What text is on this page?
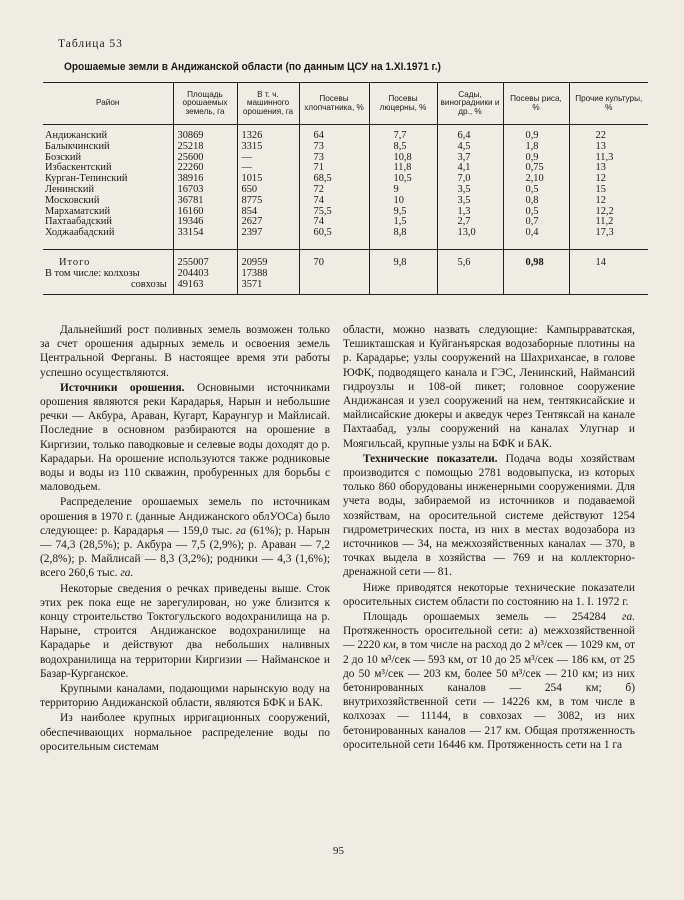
Таблица 53
Орошаемые земли в Андижанской области (по данным ЦСУ на 1.XI.1971 г.)
Район	Площадь орошаемых земель, га	В т. ч. машинного орошения, га	Посевы хлопчатника, %	Посевы люцерны, %	Сады, виноградники и др., %	Посевы риса, %	Прочие культуры, %
Андижанский	30869	1326	64	7,7	6,4	0,9	22
Балыкчинский	25218	3315	73	8,5	4,5	1,8	13
Бозский	25600	—	73	10,8	3,7	0,9	11,3
Избаскентский	22260	—	71	11,8	4,1	0,75	13
Курган-Тепинский	38916	1015	68,5	10,5	7,0	2,10	12
Ленинский	16703	650	72	9	3,5	0,5	15
Московский	36781	8775	74	10	3,5	0,8	12
Мархаматский	16160	854	75,5	9,5	1,3	0,5	12,2
Пахтаабадский	19346	2627	74	1,5	2,7	0,7	11,2
Ходжаабадский	33154	2397	60,5	8,8	13,0	0,4	17,3
Итого	255007	20959	70	9,8	5,6	0,98	14
В том числе: колхозы	204403	17388					
совхозы	49163	3571					

Дальнейший рост поливных земель возможен только за счет орошения адырных земель и освоения земель Центральной Ферганы. В настоящее время эти работы успешно осуществляются.

Источники орошения. Основными источниками орошения являются реки Карадарья, Нарын и небольшие речки — Акбура, Араван, Кугарт, Караунгур и Майлисай. Последние в основном разбираются на орошение в Киргизии, только паводковые и селевые воды доходят до р. Карадарьи. На орошение используются также родниковые воды и воды из 110 скважин, пробуренных для борьбы с маловодьем.

Распределение орошаемых земель по источникам орошения в 1970 г. (данные Андижанского облУОСа) было следующее: р. Карадарья — 159,0 тыс. га (61%); р. Нарын — 74,3 (28,5%); р. Акбура — 7,5 (2,9%); р. Араван — 7,2 (2,8%); р. Майлисай — 8,3 (3,2%); родники — 4,3 (1,6%); всего 260,6 тыс. га.

Некоторые сведения о речках приведены выше. Сток этих рек пока еще не зарегулирован, но уже близится к концу строительство Токтогульского водохранилища на р. Нарыне, строится Андижанское водохранилище на Карадарье и действуют два небольших наливных водохранилища на территории Киргизии — Найманское и Базар-Курганское.

Крупными каналами, подающими нарынскую воду на территорию Андижанской области, являются БФК и БАК.

Из наиболее крупных ирригационных сооружений, обеспечивающих нормальное распределение воды по оросительным системам

области, можно назвать следующие: Кампырраватская, Тешикташская и Куйганъярская водозаборные плотины на р. Карадарье; узлы сооружений на Шахрихансае, в голове ЮФК, подводящего канала и ГЭС, Ленинский, Наймансий гидроузлы и 108-ой пикет; головное сооружение Андижансая и узел сооружений на нем, тентякисайские и майлисайские дюкеры и акведук через Тентяксай на канале Пахтаабад, узлы сооружений на каналах Улугнар и Моягильсай, крупные узлы на БФК и БАК.

Технические показатели. Подача воды хозяйствам производится с помощью 2781 водовыпуска, из которых только 860 оборудованы инженерными сооружениями. Для учета воды, забираемой из источников и подаваемой хозяйствам, на оросительной системе действуют 1254 гидрометрических поста, из них в местах водозабора из источников — 34, на межхозяйственных каналах — 370, в точках выдела в хозяйства — 769 и на коллекторно-дренажной сети — 81.

Ниже приводятся некоторые технические показатели оросительных систем области по состоянию на 1. I. 1972 г.

Площадь орошаемых земель — 254284 га. Протяженность оросительной сети: а) межхозяйственной — 2220 км, в том числе на расход до 2 м³/сек — 1029 км, от 2 до 10 м³/сек — 593 км, от 10 до 25 м³/сек — 186 км, от 25 до 50 м³/сек — 203 км, более 50 м³/сек — 210 км; из них бетонированных каналов — 254 км; б) внутрихозяйственной сети — 14226 км, в том числе в колхозах — 11144, в совхозах — 3082, из них бетонированных каналов — 217 км. Общая протяженность оросительной сети 16446 км. Протяженность сети на 1 га

95
